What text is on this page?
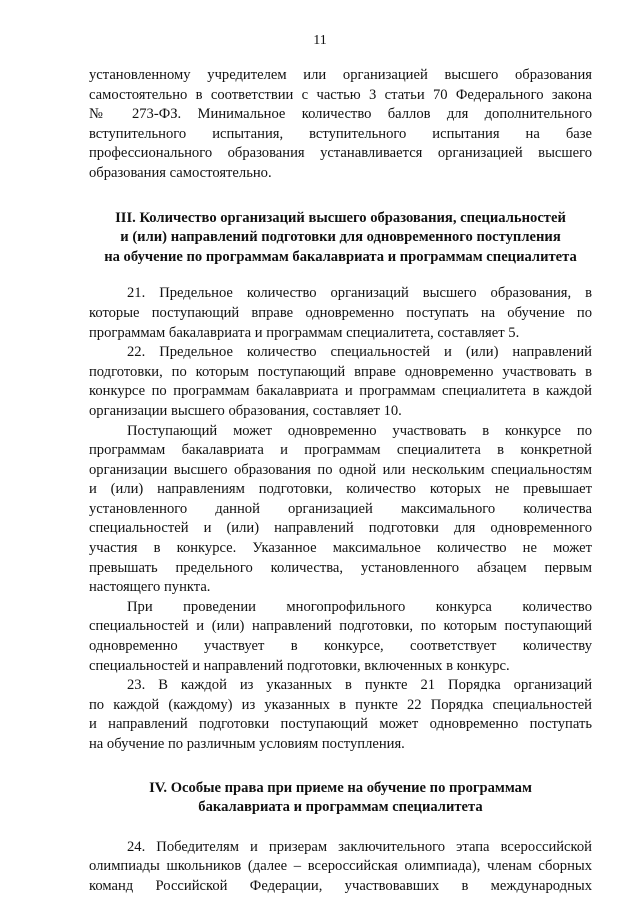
11
установленному учредителем или организацией высшего образования
самостоятельно в соответствии с частью 3 статьи 70 Федерального закона
№ 273-ФЗ. Минимальное количество баллов для дополнительного
вступительного испытания, вступительного испытания на базе
профессионального образования устанавливается организацией высшего
образования самостоятельно.
III. Количество организаций высшего образования, специальностей
и (или) направлений подготовки для одновременного поступления
на обучение по программам бакалавриата и программам специалитета
21. Предельное количество организаций высшего образования, в
которые поступающий вправе одновременно поступать на обучение по
программам бакалавриата и программам специалитета, составляет 5.
22. Предельное количество специальностей и (или) направлений
подготовки, по которым поступающий вправе одновременно участвовать в
конкурсе по программам бакалавриата и программам специалитета в каждой
организации высшего образования, составляет 10.
Поступающий может одновременно участвовать в конкурсе по
программам бакалавриата и программам специалитета в конкретной
организации высшего образования по одной или нескольким специальностям
и (или) направлениям подготовки, количество которых не превышает
установленного данной организацией максимального количества
специальностей и (или) направлений подготовки для одновременного
участия в конкурсе. Указанное максимальное количество не может
превышать предельного количества, установленного абзацем первым
настоящего пункта.
При проведении многопрофильного конкурса количество
специальностей и (или) направлений подготовки, по которым поступающий
одновременно участвует в конкурсе, соответствует количеству
специальностей и направлений подготовки, включенных в конкурс.
23. В каждой из указанных в пункте 21 Порядка организаций
по каждой (каждому) из указанных в пункте 22 Порядка специальностей
и направлений подготовки поступающий может одновременно поступать
на обучение по различным условиям поступления.
IV. Особые права при приеме на обучение по программам
бакалавриата и программам специалитета
24. Победителям и призерам заключительного этапа всероссийской
олимпиады школьников (далее – всероссийская олимпиада), членам сборных
команд Российской Федерации, участвовавших в международных
